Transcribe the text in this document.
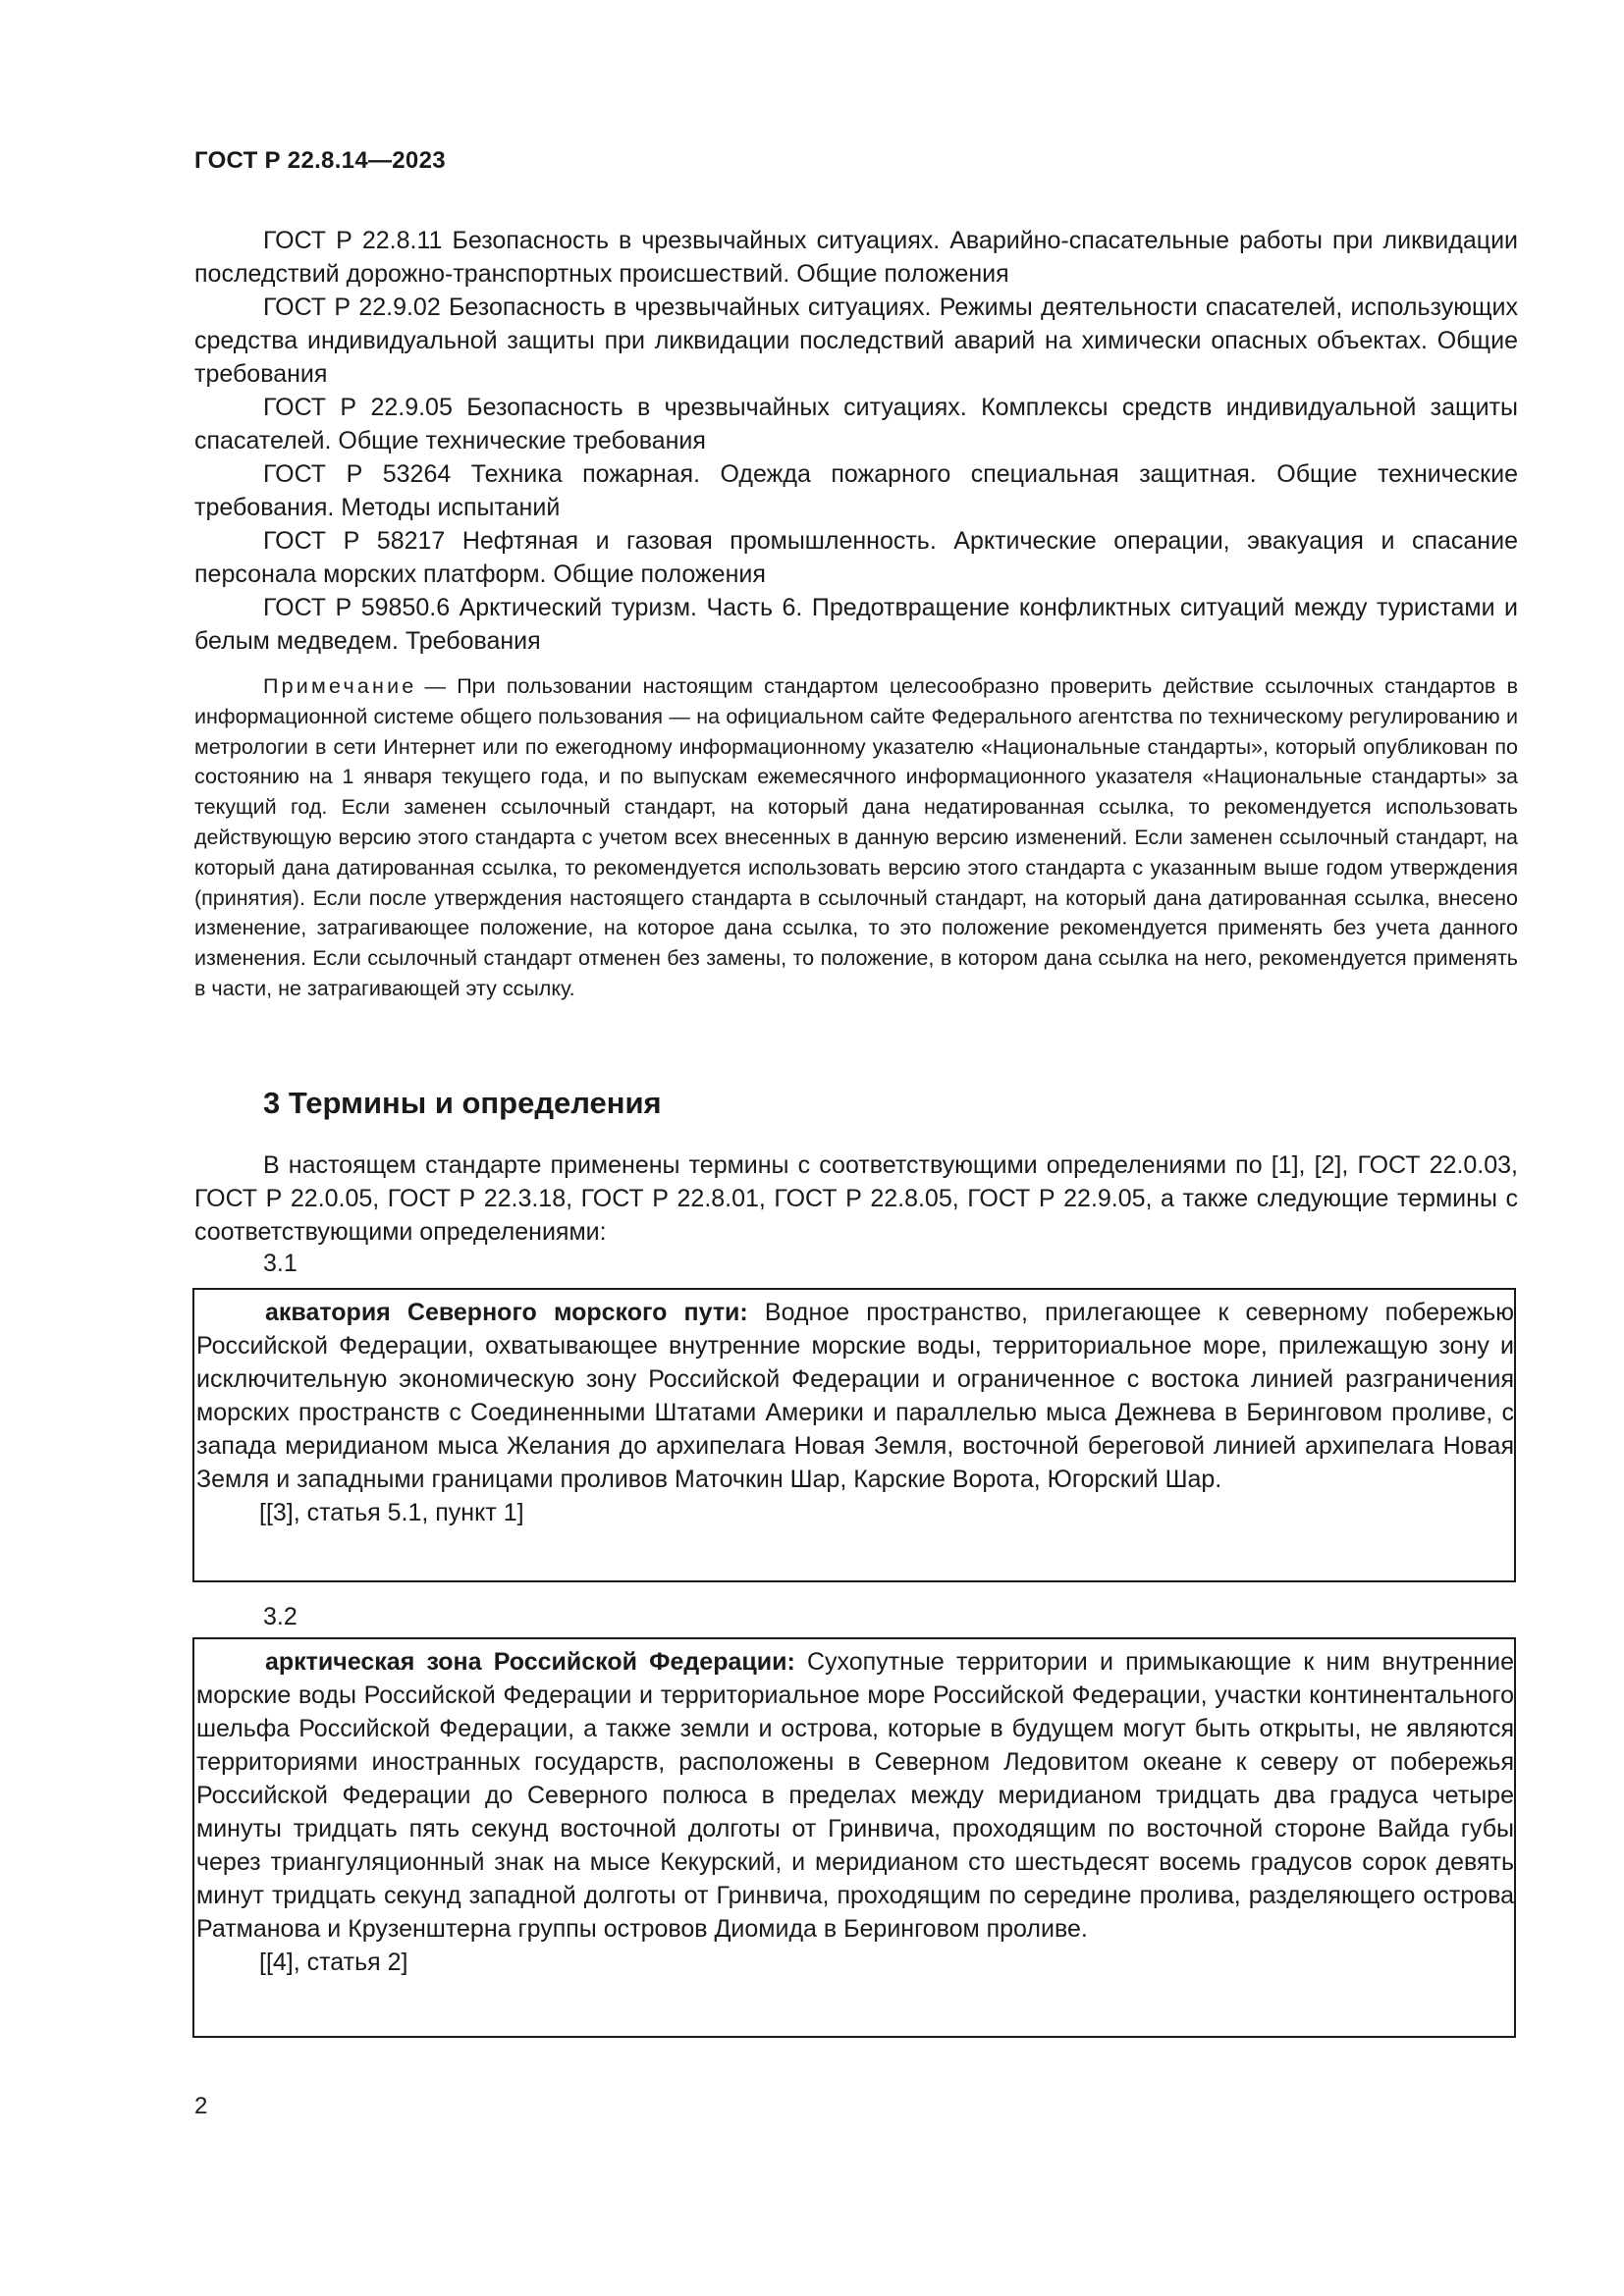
ГОСТ Р 22.8.14—2023

ГОСТ Р 22.8.11 Безопасность в чрезвычайных ситуациях. Аварийно-спасательные работы при ликвидации последствий дорожно-транспортных происшествий. Общие положения

ГОСТ Р 22.9.02 Безопасность в чрезвычайных ситуациях. Режимы деятельности спасателей, использующих средства индивидуальной защиты при ликвидации последствий аварий на химически опасных объектах. Общие требования

ГОСТ Р 22.9.05 Безопасность в чрезвычайных ситуациях. Комплексы средств индивидуальной защиты спасателей. Общие технические требования

ГОСТ Р 53264 Техника пожарная. Одежда пожарного специальная защитная. Общие технические требования. Методы испытаний

ГОСТ Р 58217 Нефтяная и газовая промышленность. Арктические операции, эвакуация и спасание персонала морских платформ. Общие положения

ГОСТ Р 59850.6 Арктический туризм. Часть 6. Предотвращение конфликтных ситуаций между туристами и белым медведем. Требования

Примечание — При пользовании настоящим стандартом целесообразно проверить действие ссылочных стандартов в информационной системе общего пользования — на официальном сайте Федерального агентства по техническому регулированию и метрологии в сети Интернет или по ежегодному информационному указателю «Национальные стандарты», который опубликован по состоянию на 1 января текущего года, и по выпускам ежемесячного информационного указателя «Национальные стандарты» за текущий год. Если заменен ссылочный стандарт, на который дана недатированная ссылка, то рекомендуется использовать действующую версию этого стандарта с учетом всех внесенных в данную версию изменений. Если заменен ссылочный стандарт, на который дана датированная ссылка, то рекомендуется использовать версию этого стандарта с указанным выше годом утверждения (принятия). Если после утверждения настоящего стандарта в ссылочный стандарт, на который дана датированная ссылка, внесено изменение, затрагивающее положение, на которое дана ссылка, то это положение рекомендуется применять без учета данного изменения. Если ссылочный стандарт отменен без замены, то положение, в котором дана ссылка на него, рекомендуется применять в части, не затрагивающей эту ссылку.

3 Термины и определения

В настоящем стандарте применены термины с соответствующими определениями по [1], [2], ГОСТ 22.0.03, ГОСТ Р 22.0.05, ГОСТ Р 22.3.18, ГОСТ Р 22.8.01, ГОСТ Р 22.8.05, ГОСТ Р 22.9.05, а также следующие термины с соответствующими определениями:

3.1

акватория Северного морского пути: Водное пространство, прилегающее к северному побережью Российской Федерации, охватывающее внутренние морские воды, территориальное море, прилежащую зону и исключительную экономическую зону Российской Федерации и ограниченное с востока линией разграничения морских пространств с Соединенными Штатами Америки и параллелью мыса Дежнева в Беринговом проливе, с запада меридианом мыса Желания до архипелага Новая Земля, восточной береговой линией архипелага Новая Земля и западными границами проливов Маточкин Шар, Карские Ворота, Югорский Шар.

[[3], статья 5.1, пункт 1]

3.2

арктическая зона Российской Федерации: Сухопутные территории и примыкающие к ним внутренние морские воды Российской Федерации и территориальное море Российской Федерации, участки континентального шельфа Российской Федерации, а также земли и острова, которые в будущем могут быть открыты, не являются территориями иностранных государств, расположены в Северном Ледовитом океане к северу от побережья Российской Федерации до Северного полюса в пределах между меридианом тридцать два градуса четыре минуты тридцать пять секунд восточной долготы от Гринвича, проходящим по восточной стороне Вайда губы через триангуляционный знак на мысе Кекурский, и меридианом сто шестьдесят восемь градусов сорок девять минут тридцать секунд западной долготы от Гринвича, проходящим по середине пролива, разделяющего острова Ратманова и Крузенштерна группы островов Диомида в Беринговом проливе.

[[4], статья 2]

2
